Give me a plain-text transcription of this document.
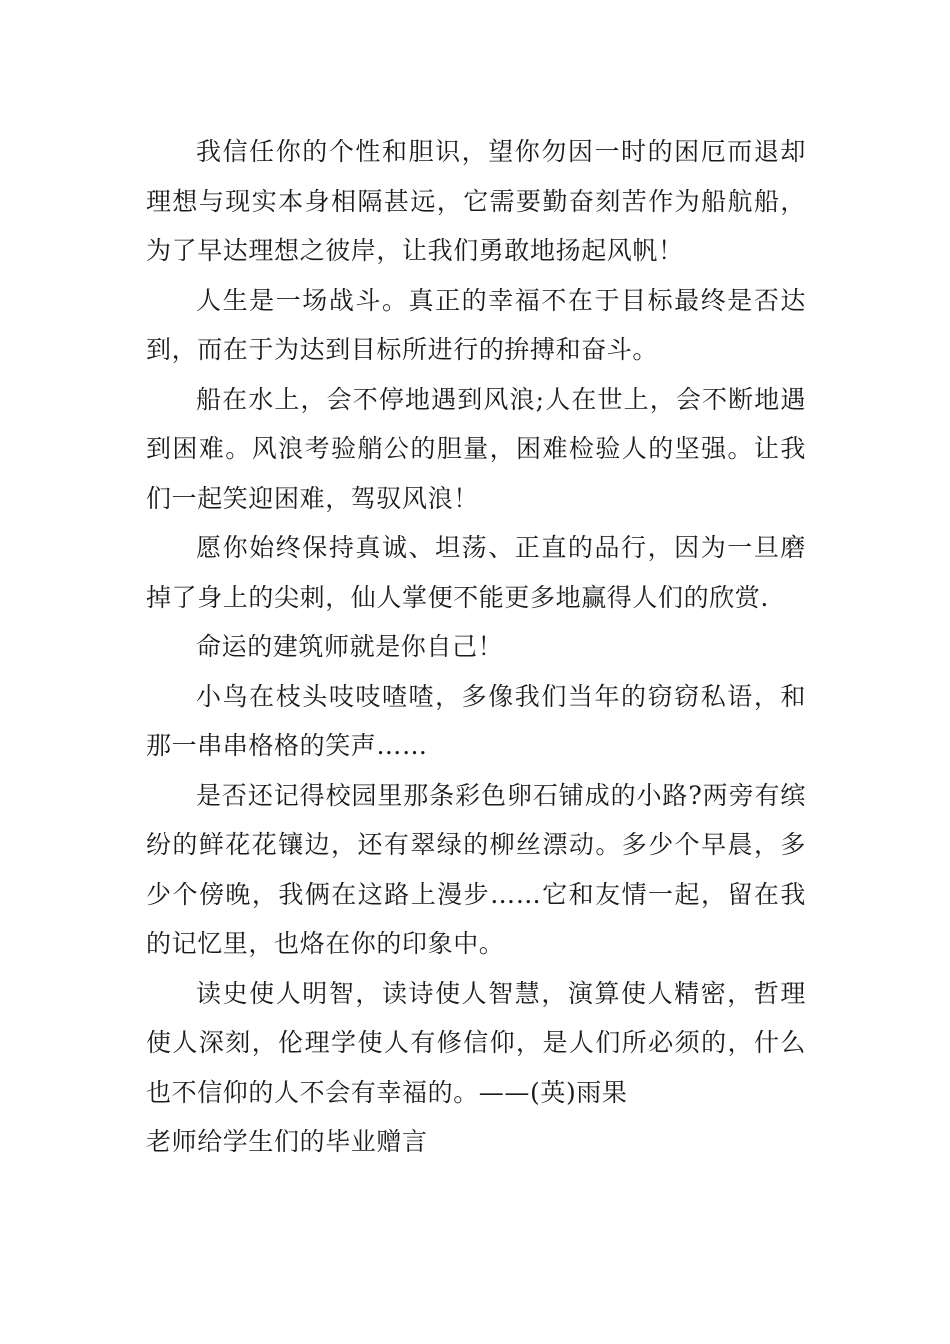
我信任你的个性和胆识，望你勿因一时的困厄而退却理想与现实本身相隔甚远，它需要勤奋刻苦作为船航船，为了早达理想之彼岸，让我们勇敢地扬起风帆！

人生是一场战斗。真正的幸福不在于目标最终是否达到，而在于为达到目标所进行的拚搏和奋斗。

船在水上，会不停地遇到风浪;人在世上，会不断地遇到困难。风浪考验艄公的胆量，困难检验人的坚强。让我们一起笑迎困难，驾驭风浪！

愿你始终保持真诚、坦荡、正直的品行，因为一旦磨掉了身上的尖刺，仙人掌便不能更多地赢得人们的欣赏.

命运的建筑师就是你自己！

小鸟在枝头吱吱喳喳，多像我们当年的窃窃私语，和那一串串格格的笑声……

是否还记得校园里那条彩色卵石铺成的小路?两旁有缤纷的鲜花花镶边，还有翠绿的柳丝漂动。多少个早晨，多少个傍晚，我俩在这路上漫步……它和友情一起，留在我的记忆里，也烙在你的印象中。

读史使人明智，读诗使人智慧，演算使人精密，哲理使人深刻，伦理学使人有修信仰，是人们所必须的，什么也不信仰的人不会有幸福的。——(英)雨果

老师给学生们的毕业赠言
